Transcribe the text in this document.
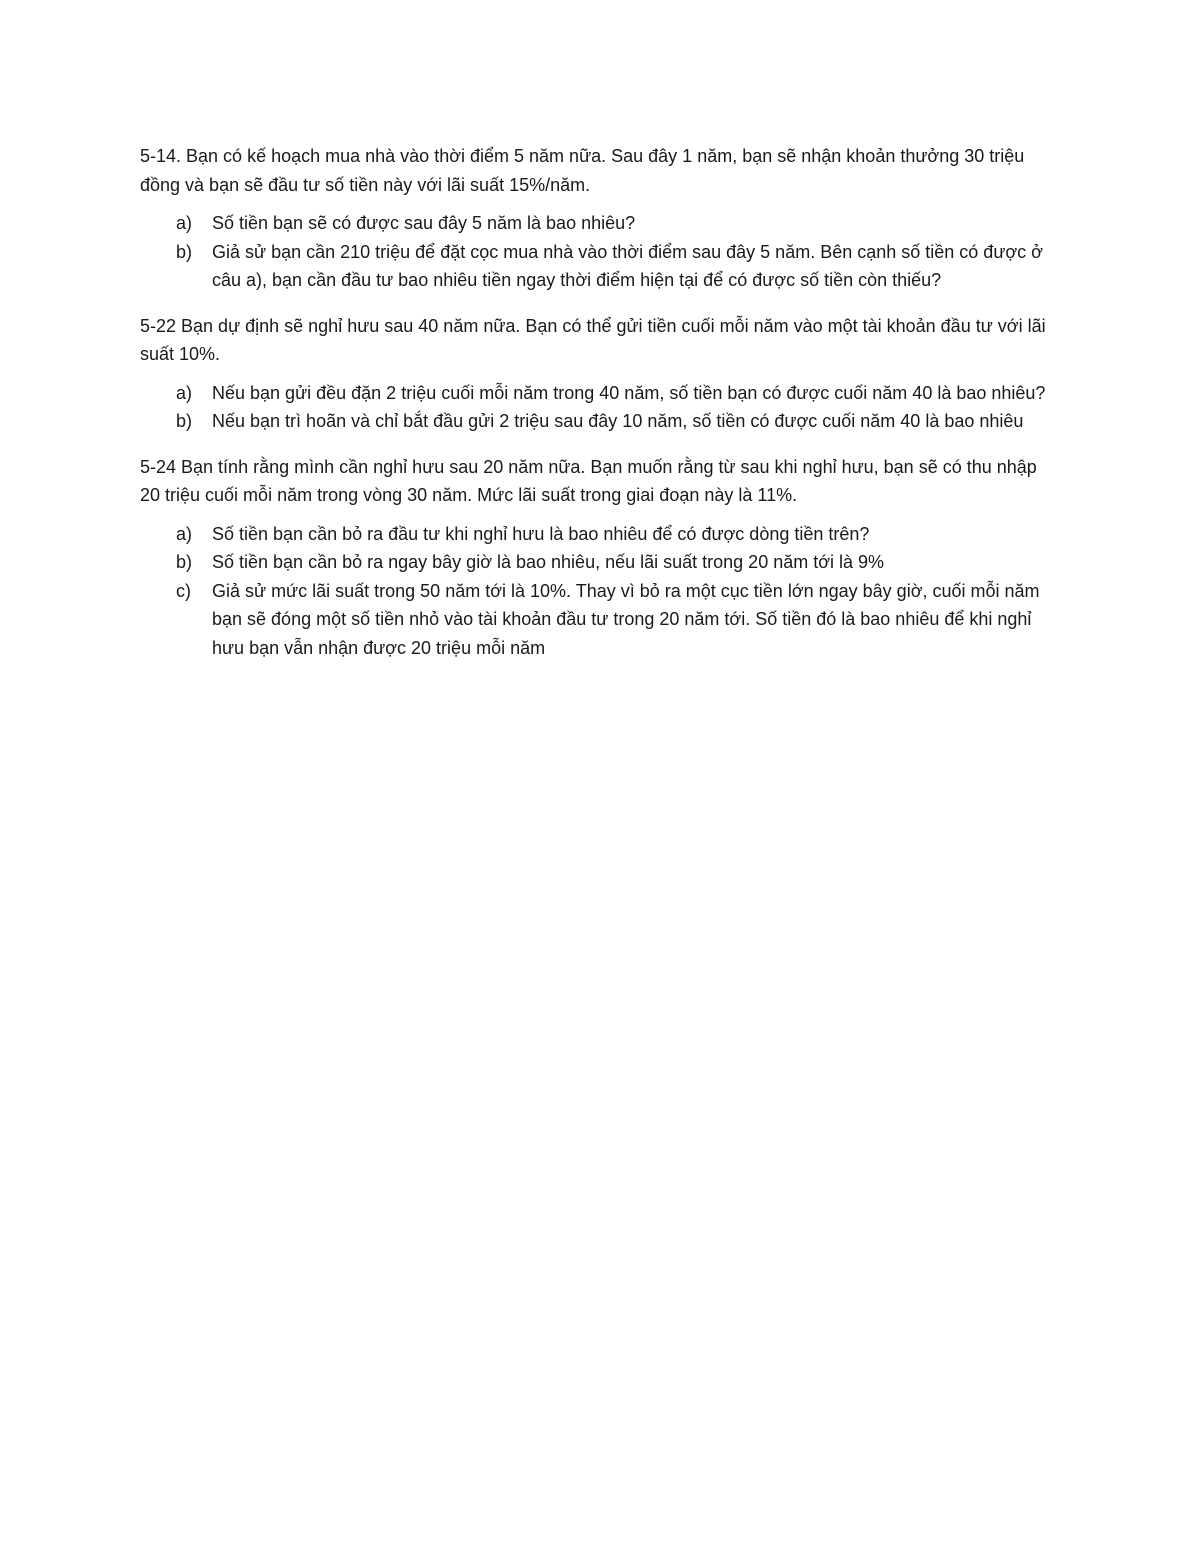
5-14. Bạn có kế hoạch mua nhà vào thời điểm 5 năm nữa. Sau đây 1 năm, bạn sẽ nhận khoản thưởng 30 triệu đồng và bạn sẽ đầu tư số tiền này với lãi suất 15%/năm.

a) Số tiền bạn sẽ có được sau đây 5 năm là bao nhiêu?
b) Giả sử bạn cần 210 triệu để đặt cọc mua nhà vào thời điểm sau đây 5 năm. Bên cạnh số tiền có được ở câu a), bạn cần đầu tư bao nhiêu tiền ngay thời điểm hiện tại để có được số tiền còn thiếu?

5-22 Bạn dự định sẽ nghỉ hưu sau 40 năm nữa. Bạn có thể gửi tiền cuối mỗi năm vào một tài khoản đầu tư với lãi suất 10%.

a) Nếu bạn gửi đều đặn 2 triệu cuối mỗi năm trong 40 năm, số tiền bạn có được cuối năm 40 là bao nhiêu?
b) Nếu bạn trì hoãn và chỉ bắt đầu gửi 2 triệu sau đây 10 năm, số tiền có được cuối năm 40 là bao nhiêu

5-24 Bạn tính rằng mình cần nghỉ hưu sau 20 năm nữa. Bạn muốn rằng từ sau khi nghỉ hưu, bạn sẽ có thu nhập 20 triệu cuối mỗi năm trong vòng 30 năm. Mức lãi suất trong giai đoạn này là 11%.

a) Số tiền bạn cần bỏ ra đầu tư khi nghỉ hưu là bao nhiêu để có được dòng tiền trên?
b) Số tiền bạn cần bỏ ra ngay bây giờ là bao nhiêu, nếu lãi suất trong 20 năm tới là 9%
c) Giả sử mức lãi suất trong 50 năm tới là 10%. Thay vì bỏ ra một cục tiền lớn ngay bây giờ, cuối mỗi năm bạn sẽ đóng một số tiền nhỏ vào tài khoản đầu tư trong 20 năm tới. Số tiền đó là bao nhiêu để khi nghỉ hưu bạn vẫn nhận được 20 triệu mỗi năm
